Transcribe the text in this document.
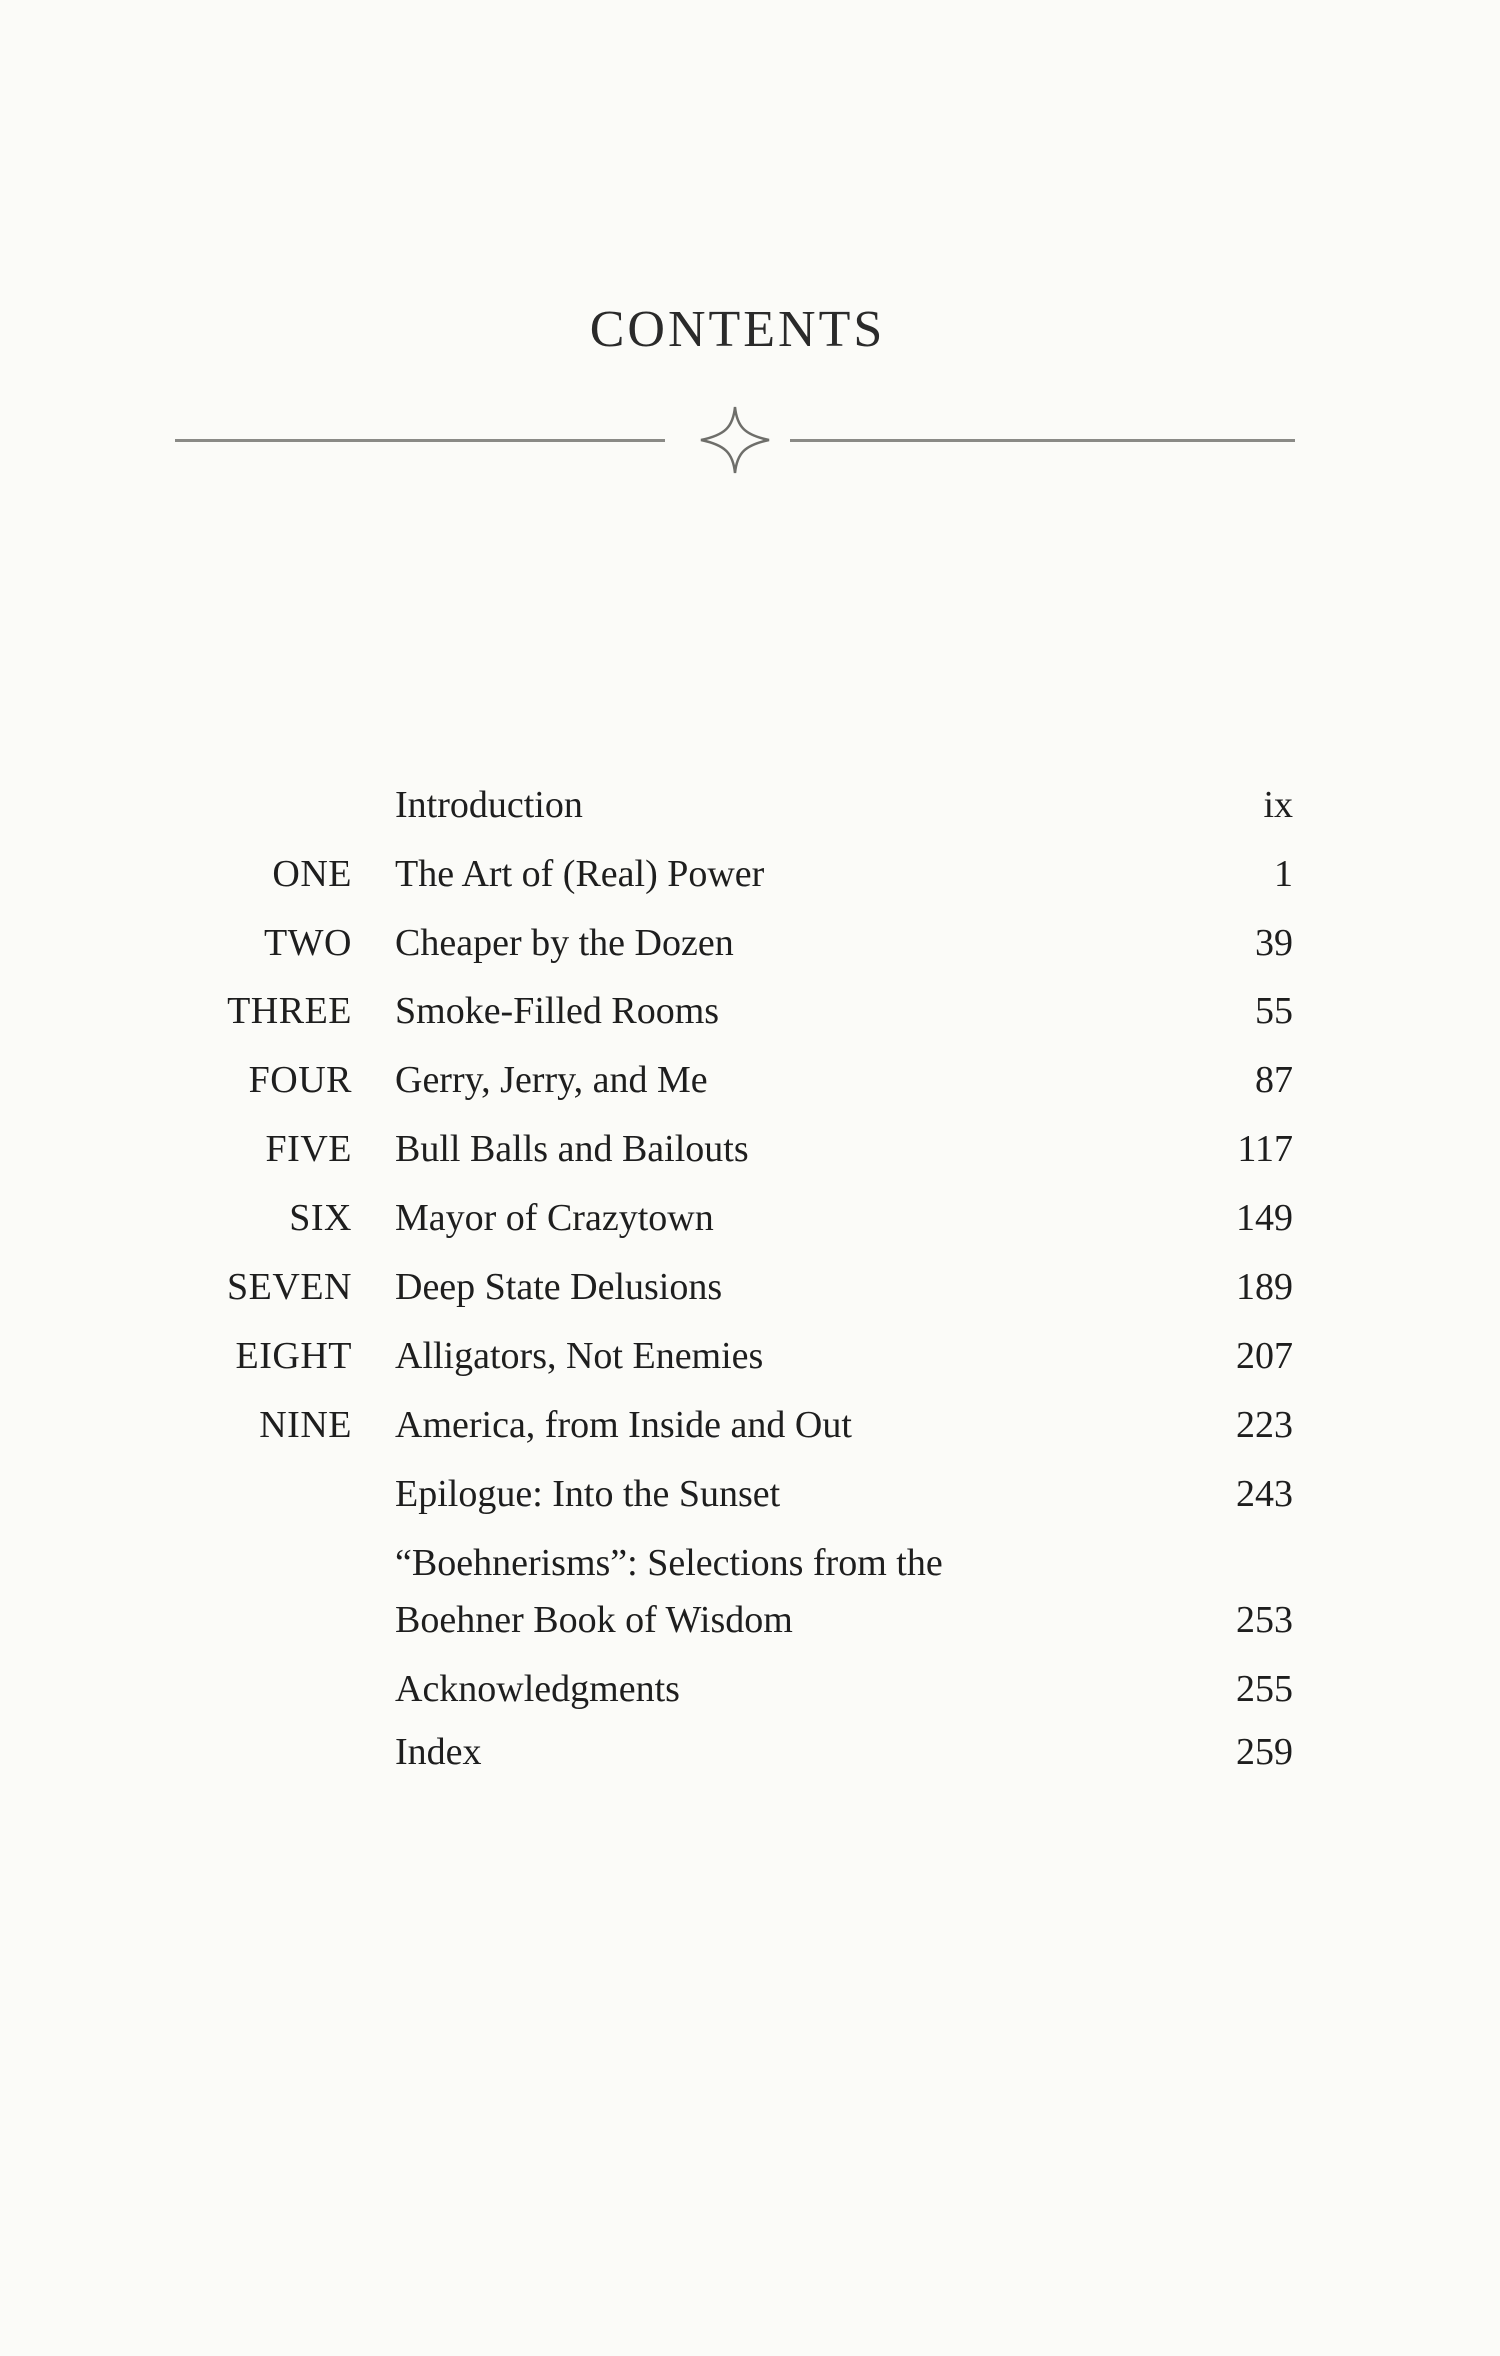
CONTENTS
Introduction	ix
ONE The Art of (Real) Power	1
TWO Cheaper by the Dozen	39
THREE Smoke-Filled Rooms	55
FOUR Gerry, Jerry, and Me	87
FIVE Bull Balls and Bailouts	117
SIX Mayor of Crazytown	149
SEVEN Deep State Delusions	189
EIGHT Alligators, Not Enemies	207
NINE America, from Inside and Out	223
Epilogue: Into the Sunset	243
“Boehnerisms”: Selections from the
Boehner Book of Wisdom	253
Acknowledgments	255
Index	259
